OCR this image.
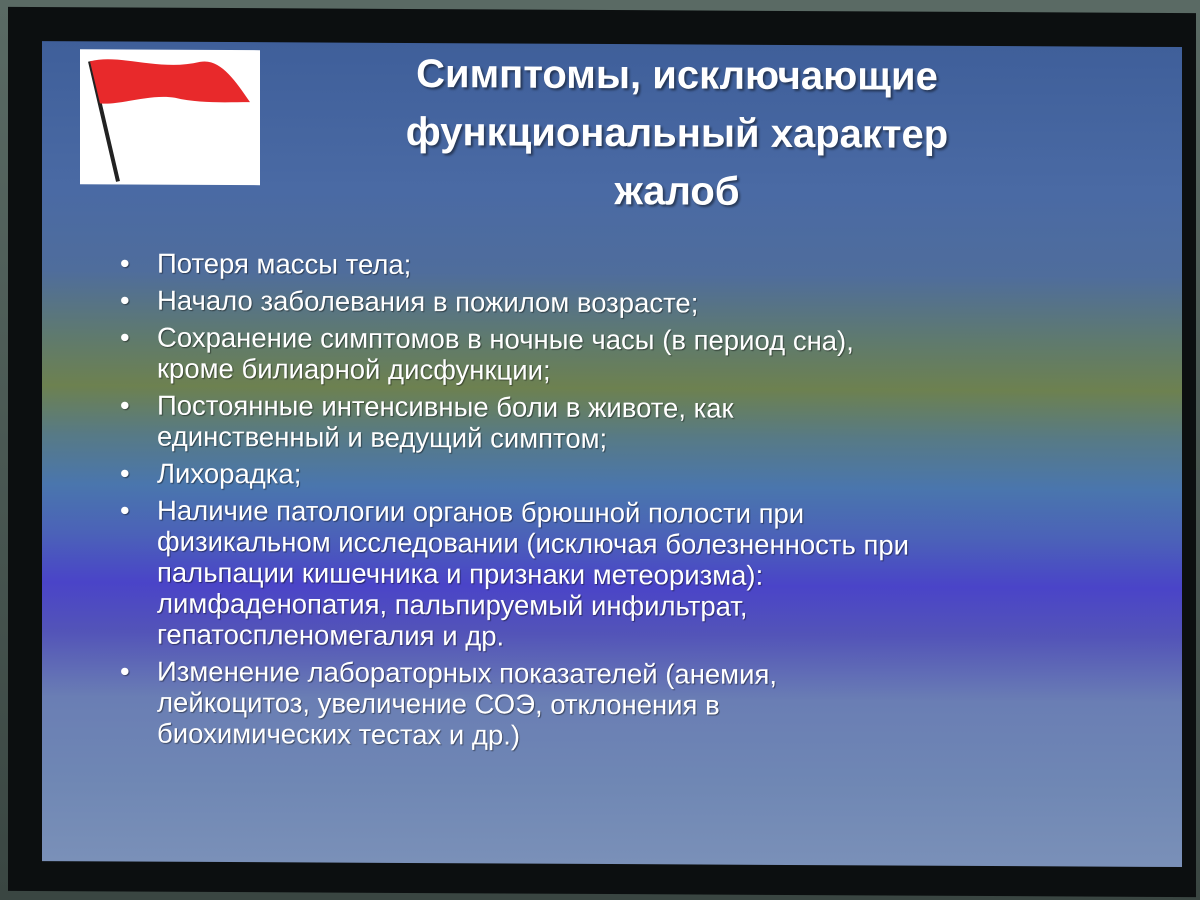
Симптомы, исключающие
функциональный характер
жалоб
• Потеря массы тела;
• Начало заболевания в пожилом возрасте;
• Сохранение симптомов в ночные часы (в период сна),
кроме билиарной дисфункции;
• Постоянные интенсивные боли в животе, как
единственный и ведущий симптом;
• Лихорадка;
• Наличие патологии органов брюшной полости при
физикальном исследовании (исключая болезненность при
пальпации кишечника и признаки метеоризма):
лимфаденопатия, пальпируемый инфильтрат,
гепатоспленомегалия и др.
• Изменение лабораторных показателей (анемия,
лейкоцитоз, увеличение СОЭ, отклонения в
биохимических тестах и др.)
